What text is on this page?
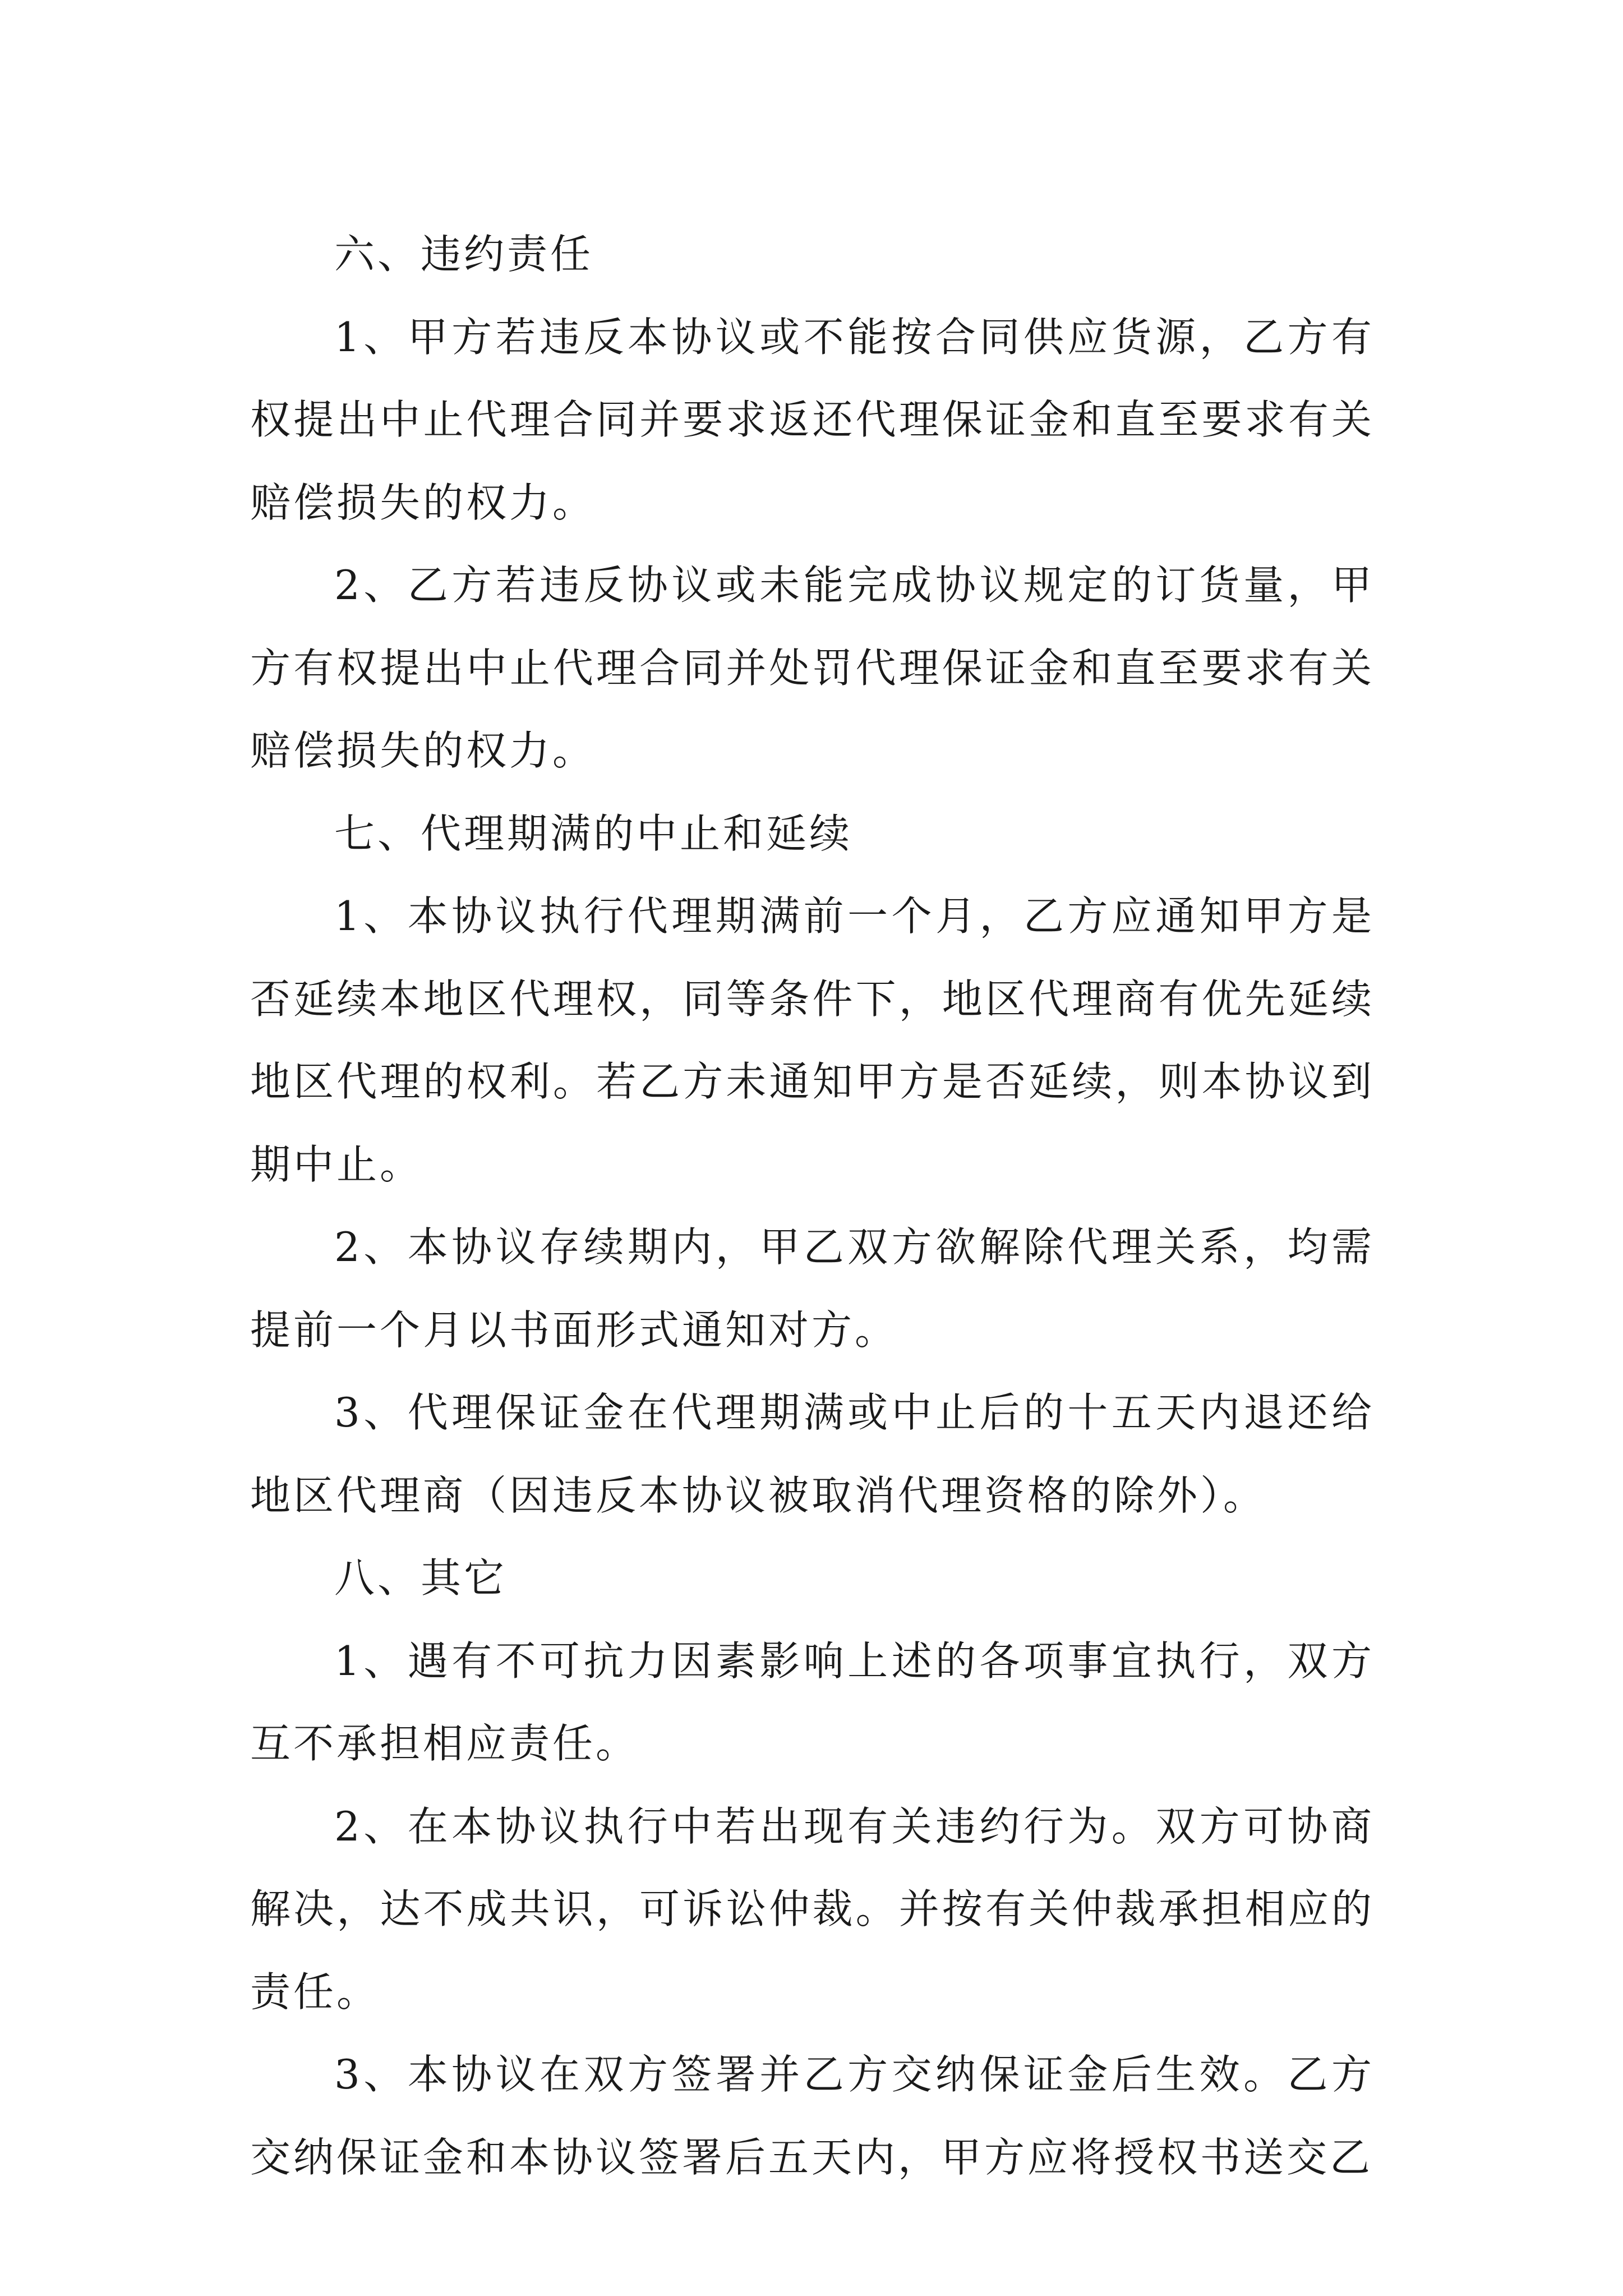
六、违约责任

1、甲方若违反本协议或不能按合同供应货源，乙方有权提出中止代理合同并要求返还代理保证金和直至要求有关赔偿损失的权力。

2、乙方若违反协议或未能完成协议规定的订货量，甲方有权提出中止代理合同并处罚代理保证金和直至要求有关赔偿损失的权力。

七、代理期满的中止和延续

1、本协议执行代理期满前一个月，乙方应通知甲方是否延续本地区代理权，同等条件下，地区代理商有优先延续地区代理的权利。若乙方未通知甲方是否延续，则本协议到期中止。

2、本协议存续期内，甲乙双方欲解除代理关系，均需提前一个月以书面形式通知对方。

3、代理保证金在代理期满或中止后的十五天内退还给地区代理商（因违反本协议被取消代理资格的除外）。

八、其它

1、遇有不可抗力因素影响上述的各项事宜执行，双方互不承担相应责任。

2、在本协议执行中若出现有关违约行为。双方可协商解决，达不成共识，可诉讼仲裁。并按有关仲裁承担相应的责任。

3、本协议在双方签署并乙方交纳保证金后生效。乙方交纳保证金和本协议签署后五天内，甲方应将授权书送交乙
